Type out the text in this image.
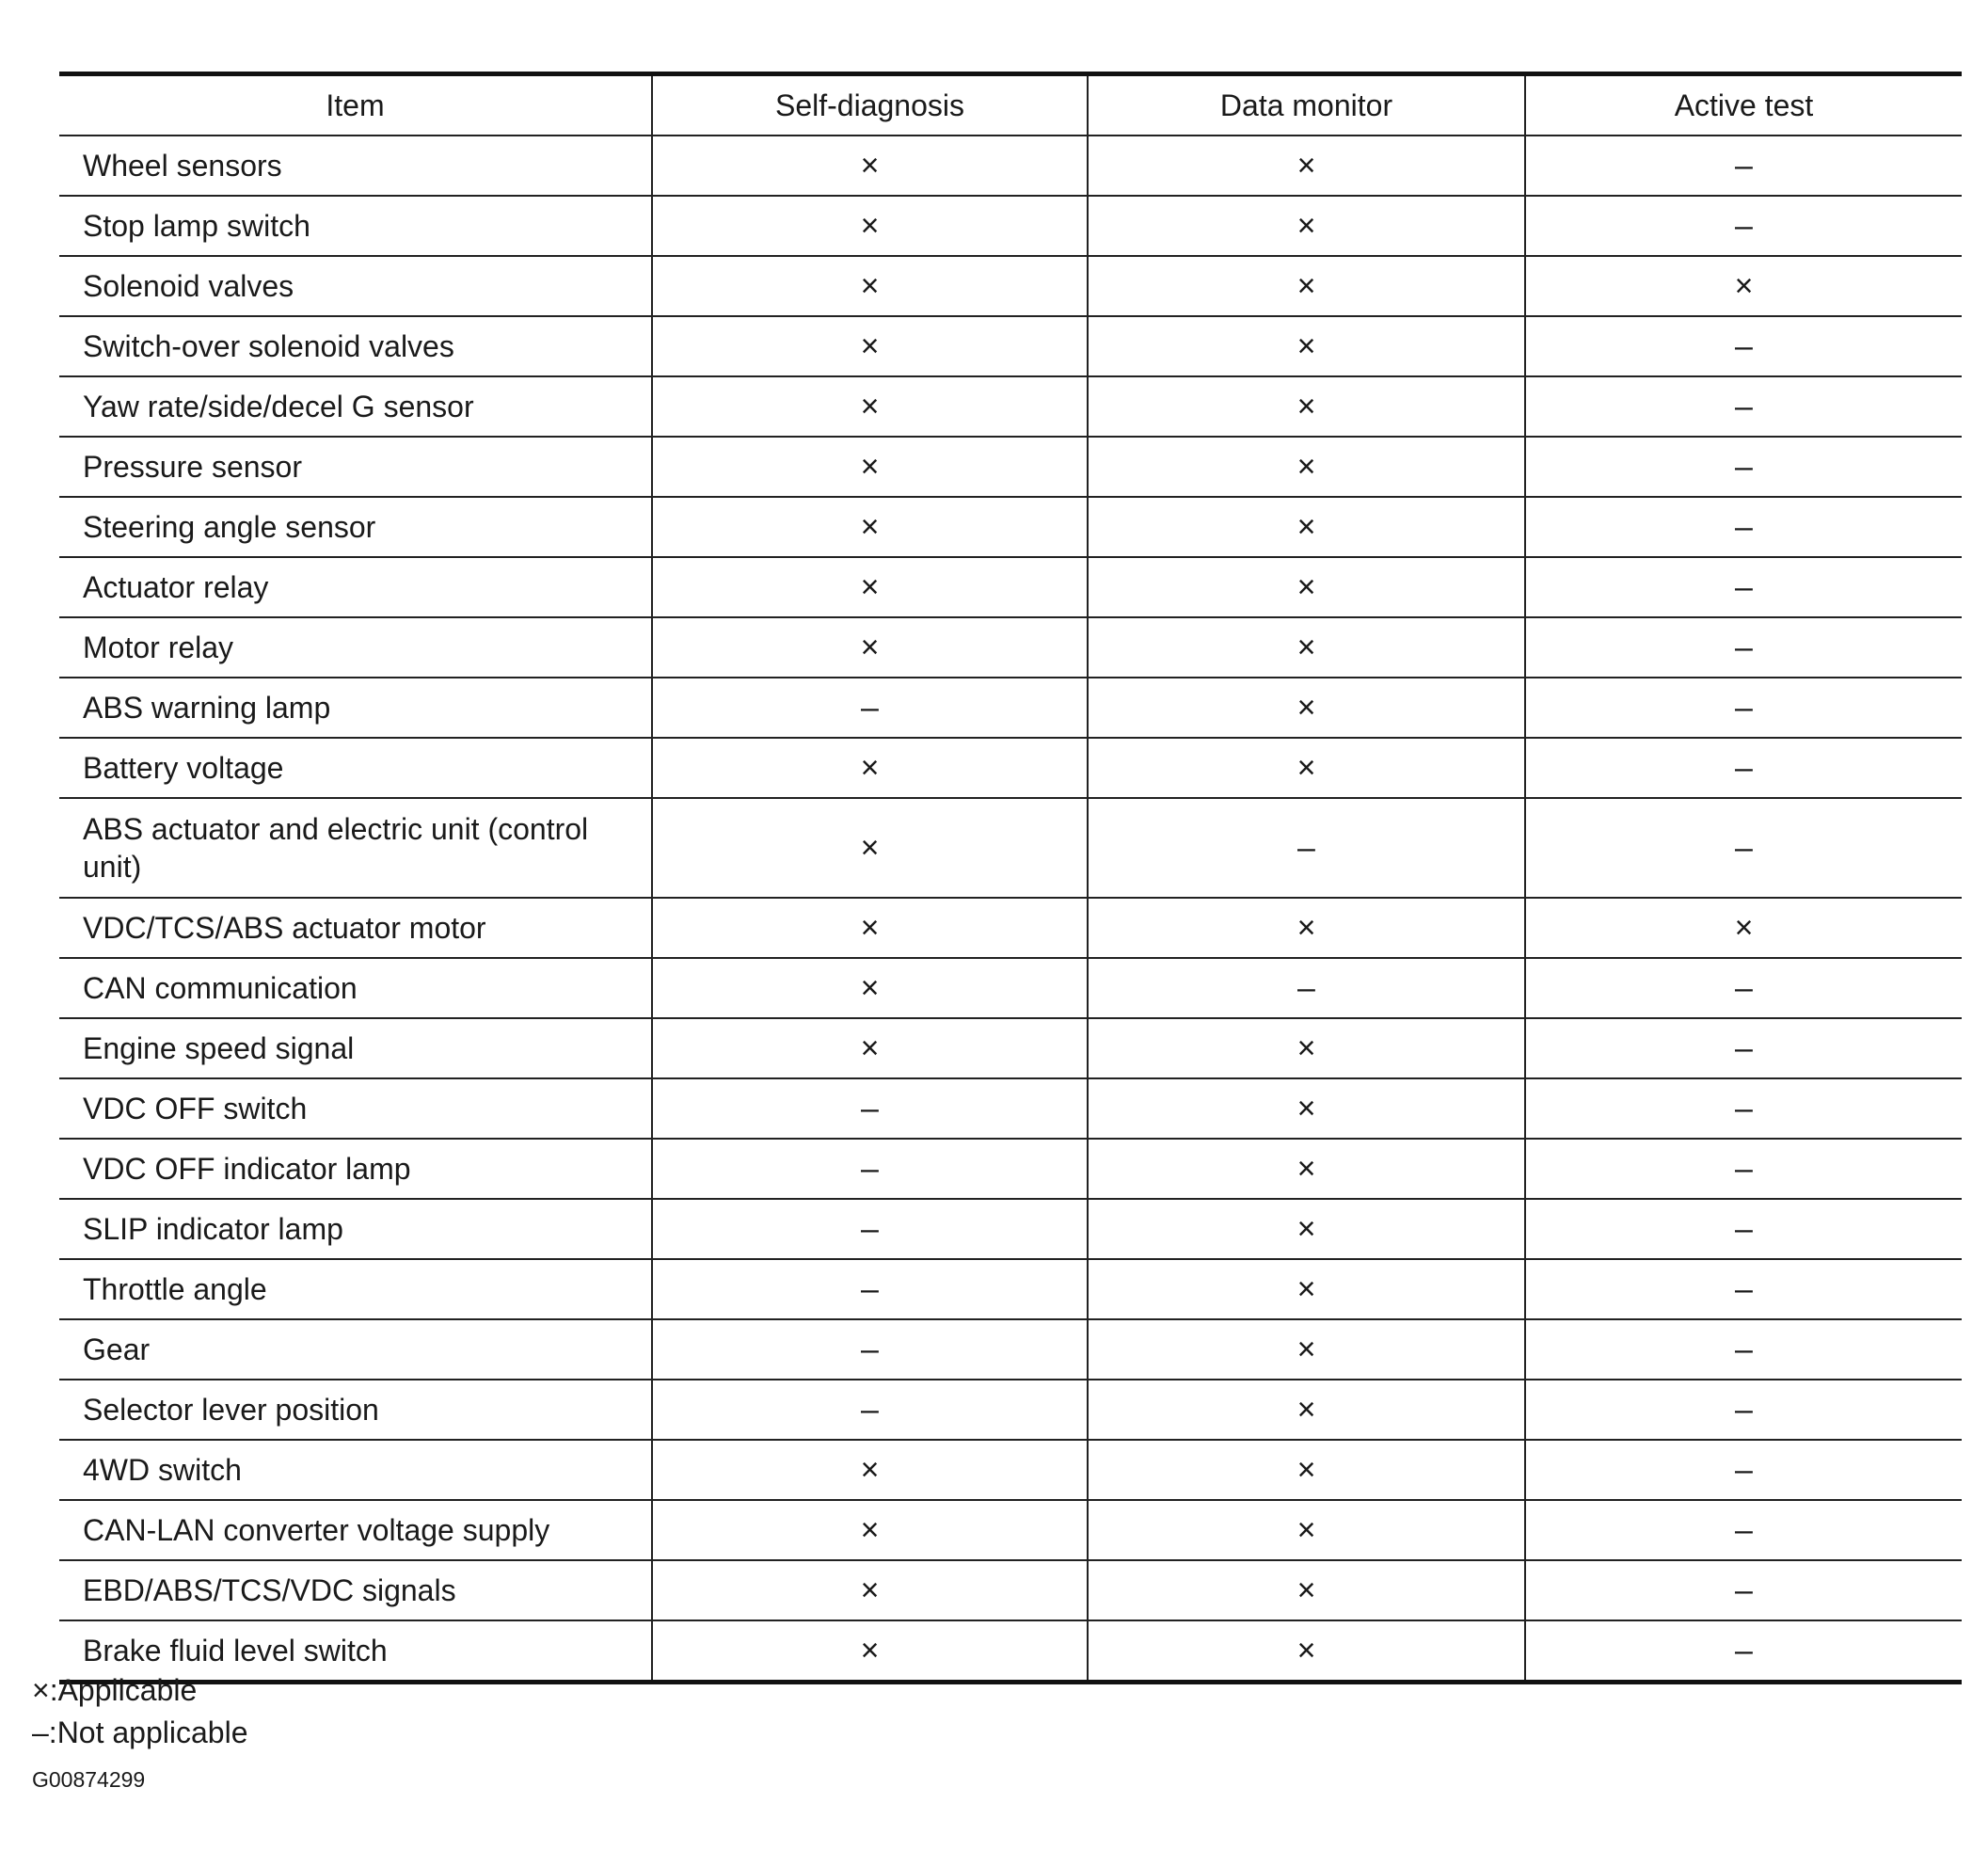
Item	Self-diagnosis	Data monitor	Active test
Wheel sensors	×	×	–
Stop lamp switch	×	×	–
Solenoid valves	×	×	×
Switch-over solenoid valves	×	×	–
Yaw rate/side/decel G sensor	×	×	–
Pressure sensor	×	×	–
Steering angle sensor	×	×	–
Actuator relay	×	×	–
Motor relay	×	×	–
ABS warning lamp	–	×	–
Battery voltage	×	×	–
ABS actuator and electric unit (control unit)	×	–	–
VDC/TCS/ABS actuator motor	×	×	×
CAN communication	×	–	–
Engine speed signal	×	×	–
VDC OFF switch	–	×	–
VDC OFF indicator lamp	–	×	–
SLIP indicator lamp	–	×	–
Throttle angle	–	×	–
Gear	–	×	–
Selector lever position	–	×	–
4WD switch	×	×	–
CAN-LAN converter voltage supply	×	×	–
EBD/ABS/TCS/VDC signals	×	×	–
Brake fluid level switch	×	×	–
×:Applicable
–:Not applicable
G00874299
